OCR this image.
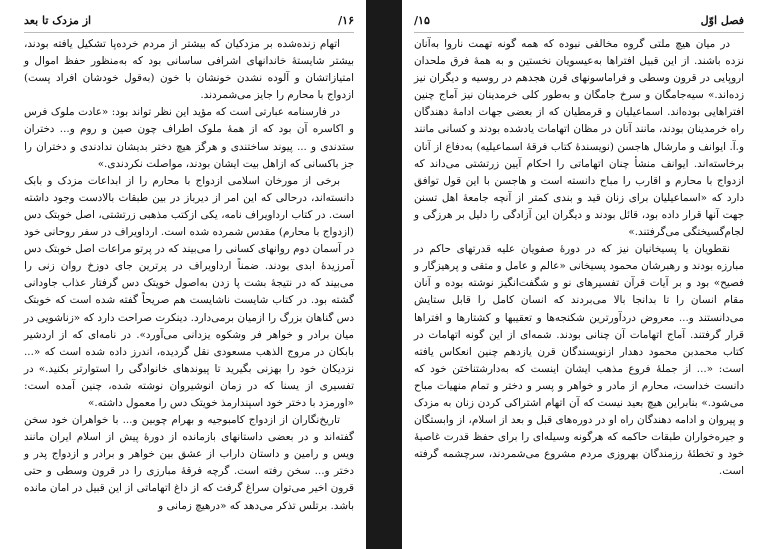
۱۶/
از مزدک تا بعد

اتهام زنده‌شده بر مزدکیان که بیشتر از مردم خرده‌پا تشکیل یافته بودند، بیشتر شایستهٔ خاندانهای اشرافی ساسانی بود که به‌منظور حفظ اموال و امتیازاتشان و آلوده نشدن خونشان با خون (به‌قول خودشان افراد پست) ازدواج با محارم را جایز می‌شمردند.

در فارسنامه عبارتی است که مؤید این نظر تواند بود: «عادت ملوک فرس و اکاسره آن بود که از همهٔ ملوک اطراف چون صین و روم و... دختران ستدندی و ... پیوند ساختندی و هرگز هیچ دختر بدیشان ندادندی و دختران را جز باکسانی که ازاهل بیت ایشان بودند، مواصلت نکردندی.»

برخی از مورخان اسلامی ازدواج با محارم را از ابداعات مزدک و بابک دانسته‌اند، درحالی که این امر از دیرباز در بین طبقات بالادست وجود داشته است. در کتاب ارداویراف نامه، یکی ازکتب مذهبی زرتشتی، اصل خوبتک دس (ازدواج با محارم) مقدس شمرده شده است. ارداویراف در سفر روحانی خود در آسمان دوم روانهای کسانی را می‌بیند که در پرتو مراعات اصل خوبتک دس آمرزیدهٔ ابدی بودند. ضمناً ارداویراف در پرترین جای دوزخ روان زنی را می‌بیند که در نتیجهٔ بشت پا زدن به‌اصول خویتک دس گرفتار عذاب جاودانی گشته بود. در کتاب شایست ناشایست هم صریحاً گفته شده است که خوبتک دس گناهان بزرگ را ازمیان برمی‌دارد. دینکرت صراحت دارد که «زناشویی در میان برادر و خواهر فر وشکوه یزدانی می‌آورد». در نامه‌ای که از اردشیر بابکان در مروج الذهب مسعودی نقل گردیده، اندرز داده شده است که «... نزدیکان خود را بهزنی بگیرید تا پیوندهای خانوادگی را استوارتر بکنید.» در تفسیری از یسنا که در زمان انوشیروان نوشته شده، چنین آمده است: «اورمزد با دختر خود اسپندارمذ خویتک دس را معمول داشته.»

تاریخ‌نگاران از ازدواج کامبوجیه و بهرام چوبین و... با خواهران خود سخن گفته‌اند و در بعضی داستانهای بازمانده از دورهٔ پیش از اسلام ایران مانند ویس و رامین و داستان داراب از عشق بین خواهر و برادر و ازدواج پدر و دختر و... سخن رفته است. گرچه فرقهٔ مبارزی را در قرون وسطی و حتی قرون اخیر می‌توان سراغ گرفت که از داغ اتهاماتی از این قبیل در امان مانده باشد. برتلس تذکر می‌دهد که «درهیچ زمانی و

فصل اوّل
۱۵/

در میان هیچ ملتی گروه مخالفی نبوده که همه گونه تهمت ناروا به‌آنان نزده باشند. از این قبیل افتراها به‌عیسویان نخستین و به همهٔ فرق ملحدان اروپایی در قرون وسطی و فراماسونهای قرن هجدهم در روسیه و دیگران نیز زده‌اند.» سیه‌جامگان و سرخ جامگان و به‌طور کلی خرمدینان نیز آماج چنین افتراهایی بوده‌اند. اسماعیلیان و قرمطیان که از بعضی جهات ادامهٔ دهندگان راه خرمدینان بودند، مانند آنان در مظان اتهامات یادشده بودند و کسانی مانند و.آ. ایوانف و مارشال هاجسن (نویسندهٔ کتاب فرقهٔ اسماعیلیه) به‌دفاع از آنان برخاسته‌اند. ایوانف منشأ چنان اتهاماتی را احکام آیین زرتشتی می‌داند که ازدواج با محارم و اقارب را مباح دانسته است و هاجسن با این قول توافق دارد که «اسماعیلیان برای زنان قید و بندی کمتر از آنچه جامعهٔ اهل تسنن جهت آنها قرار داده بود، قائل بودند و دیگران این آزادگی را دلیل بر هرزگی و لجام‌گسیختگی می‌گرفتند.»

نقطویان یا پسیخانیان نیز که در دورهٔ صفویان علیه قدرتهای حاکم در مبارزه بودند و رهبرشان محمود پسیخانی «عالم و عامل و متقی و پرهیزگار و فصیح» بود و بر آیات قرآن تفسیرهای نو و شگفت‌انگیز نوشته بوده و آنان مقام انسان را تا بدانجا بالا می‌بردند که انسان کامل را قابل ستایش می‌دانستند و... معروض دردآورترین شکنجه‌ها و تعقیبها و کشتارها و افتراها قرار گرفتند. آماج اتهامات آن چنانی بودند. شمه‌ای از این گونه اتهامات در کتاب محمدبن محمود دهدار ازنویسندگان قرن یازدهم چنین انعکاس یافته است: «... از جملهٔ فروع مذهب ایشان اینست که به‌دارشتناختن خود که دانست خداست، محارم از مادر و خواهر و پسر و دختر و تمام منهیات مباح می‌شود.» بنابراین هیچ بعید نیست که آن اتهام اشتراکی کردن زنان به مزدک و پیروان و ادامه دهندگان راه او در دوره‌های قبل و بعد از اسلام، از وابستگان و جیره‌خواران طبقات حاکمه که هرگونه وسیله‌ای را برای حفظ قدرت غاصبهٔ خود و تخطئهٔ رزمندگان بهروزی مردم مشروع می‌شمردند، سرچشمه گرفته است.
